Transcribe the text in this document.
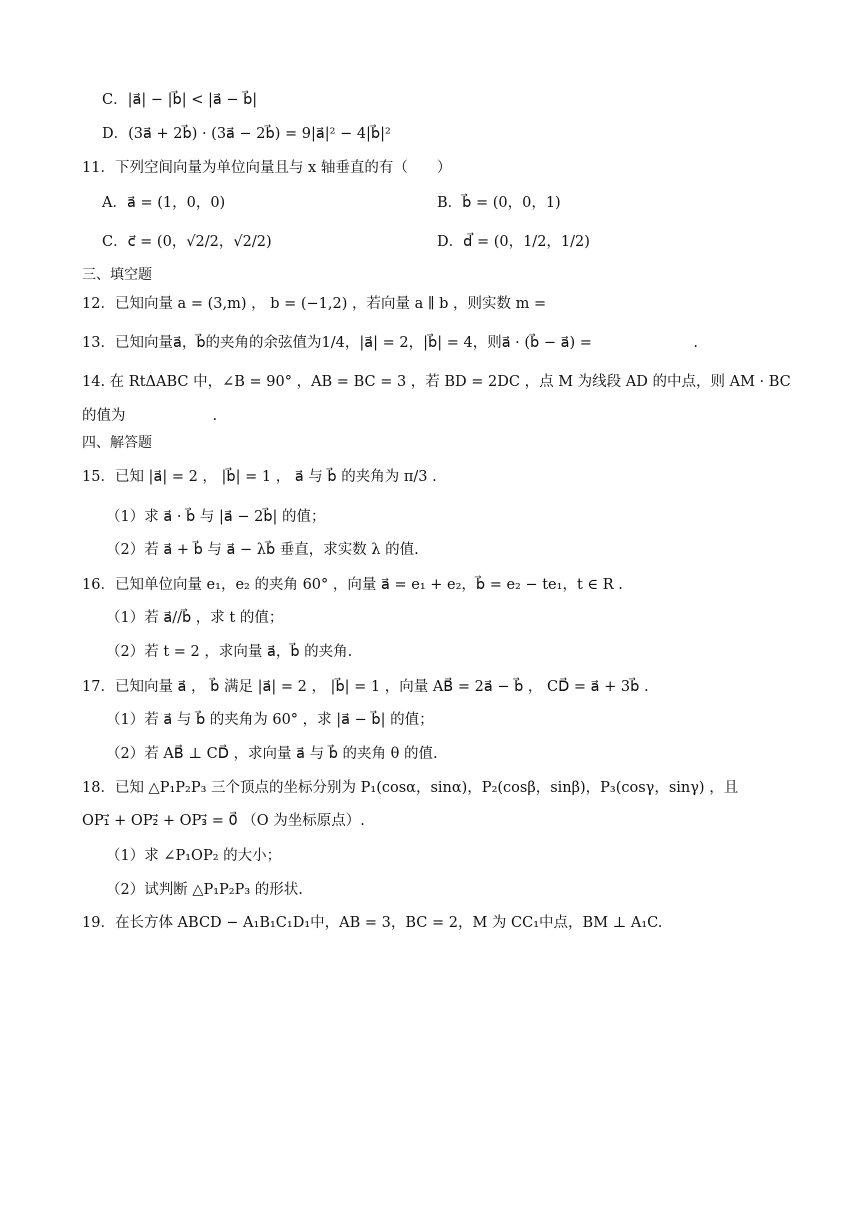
C．|a⃗| − |b⃗| < |a⃗ − b⃗|
D．(3a⃗ + 2b⃗) · (3a⃗ − 2b⃗) = 9|a⃗|² − 4|b⃗|²
11．下列空间向量为单位向量且与 x 轴垂直的有（　　）
A．a⃗ = (1，0，0)	B．b⃗ = (0，0，1)
C．c⃗ = (0，√2/2，√2/2)	D．d⃗ = (0，1/2，1/2)
三、填空题
12．已知向量 a = (3,m) ， b = (−1,2) ，若向量 a ∥ b ，则实数 m =
13．已知向量a⃗，b⃗的夹角的余弦值为1/4，|a⃗| = 2，|b⃗| = 4，则a⃗ · (b⃗ − a⃗) =　　　　　　　.
14. 在 RtΔABC 中，∠B = 90° ，AB = BC = 3 ，若 BD = 2DC ，点 M 为线段 AD 的中点，则 AM · BC
的值为　　　　　　.
四、解答题
15．已知 |a⃗| = 2 ， |b⃗| = 1 ， a⃗ 与 b⃗ 的夹角为 π/3 .
（1）求 a⃗ · b⃗ 与 |a⃗ − 2b⃗| 的值；
（2）若 a⃗ + b⃗ 与 a⃗ − λb⃗ 垂直，求实数 λ 的值.
16．已知单位向量 e₁，e₂ 的夹角 60° ，向量 a⃗ = e₁ + e₂，b⃗ = e₂ − te₁，t ∈ R .
（1）若 a⃗//b⃗ ，求 t 的值；
（2）若 t = 2 ，求向量 a⃗，b⃗ 的夹角.
17．已知向量 a⃗ ， b⃗ 满足 |a⃗| = 2 ， |b⃗| = 1 ，向量 AB⃗ = 2a⃗ − b⃗ ， CD⃗ = a⃗ + 3b⃗ .
（1）若 a⃗ 与 b⃗ 的夹角为 60° ，求 |a⃗ − b⃗| 的值；
（2）若 AB⃗ ⊥ CD⃗ ，求向量 a⃗ 与 b⃗ 的夹角 θ 的值.
18．已知 △P₁P₂P₃ 三个顶点的坐标分别为 P₁(cosα，sinα)，P₂(cosβ，sinβ)，P₃(cosγ，sinγ) ，且
OP₁⃗ + OP₂⃗ + OP₃⃗ = 0⃗ （O 为坐标原点）.
（1）求 ∠P₁OP₂ 的大小；
（2）试判断 △P₁P₂P₃ 的形状.
19．在长方体 ABCD − A₁B₁C₁D₁中，AB = 3，BC = 2，M 为 CC₁中点，BM ⊥ A₁C.
